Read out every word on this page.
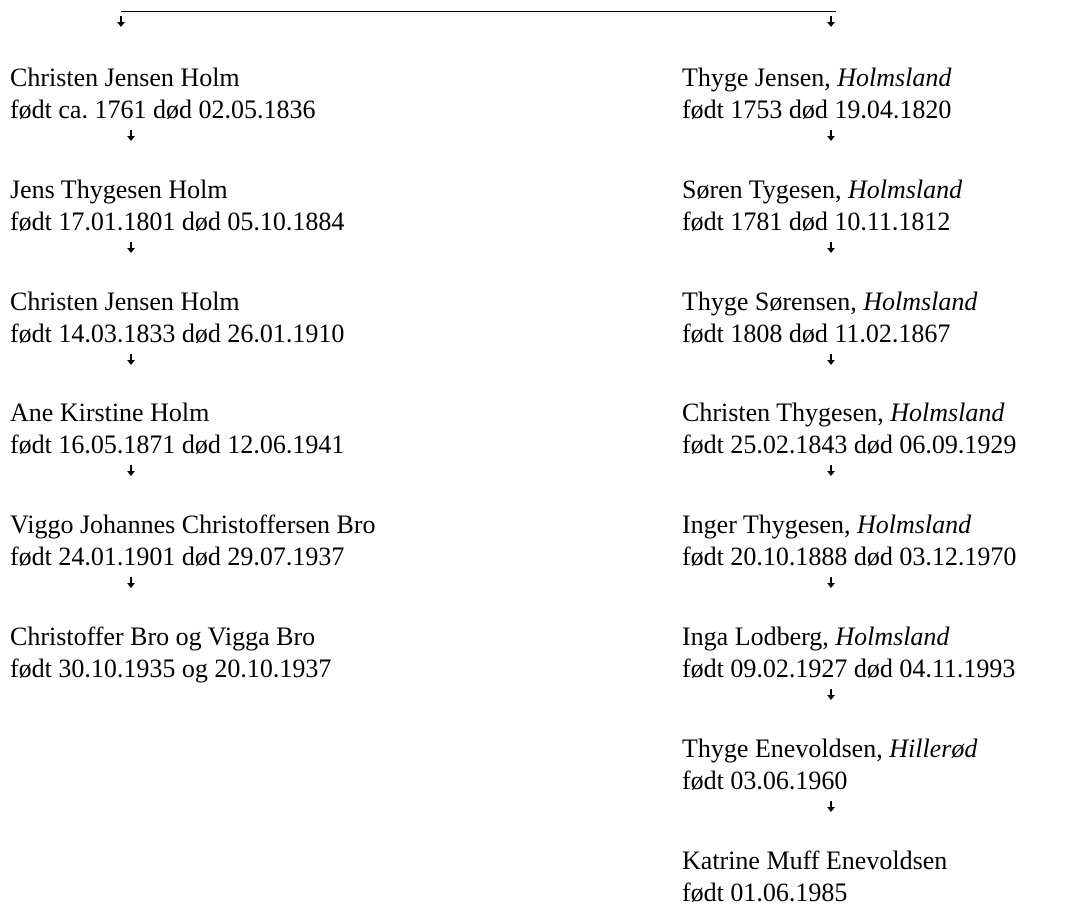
Christen Jensen Holm
født ca. 1761 død 02.05.1836
Jens Thygesen Holm
født 17.01.1801 død 05.10.1884
Christen Jensen Holm
født 14.03.1833 død 26.01.1910
Ane Kirstine Holm
født 16.05.1871 død 12.06.1941
Viggo Johannes Christoffersen Bro
født 24.01.1901 død 29.07.1937
Christoffer Bro og Vigga Bro
født 30.10.1935 og 20.10.1937
Thyge Jensen, Holmsland
født 1753 død 19.04.1820
Søren Tygesen, Holmsland
født 1781 død 10.11.1812
Thyge Sørensen, Holmsland
født 1808 død 11.02.1867
Christen Thygesen, Holmsland
født 25.02.1843 død 06.09.1929
Inger Thygesen, Holmsland
født 20.10.1888 død 03.12.1970
Inga Lodberg, Holmsland
født 09.02.1927 død 04.11.1993
Thyge Enevoldsen, Hillerød
født 03.06.1960
Katrine Muff Enevoldsen
født 01.06.1985
